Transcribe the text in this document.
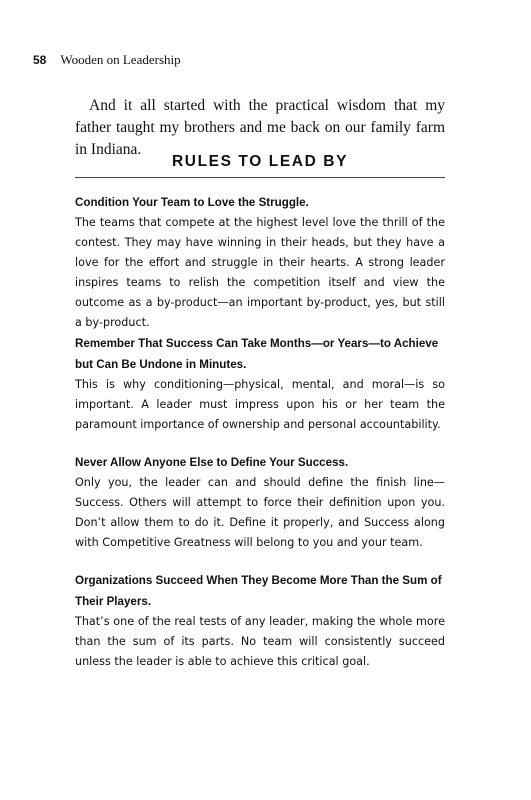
58 Wooden on Leadership

And it all started with the practical wisdom that my father taught my brothers and me back on our family farm in Indiana.

RULES TO LEAD BY

Condition Your Team to Love the Struggle.

The teams that compete at the highest level love the thrill of the contest. They may have winning in their heads, but they have a love for the effort and struggle in their hearts. A strong leader inspires teams to relish the competition itself and view the outcome as a by-product—an important by-product, yes, but still a by-product.

Remember That Success Can Take Months—or Years—to Achieve but Can Be Undone in Minutes.

This is why conditioning—physical, mental, and moral—is so important. A leader must impress upon his or her team the paramount importance of ownership and personal accountability.

Never Allow Anyone Else to Define Your Success.

Only you, the leader can and should define the finish line—Success. Others will attempt to force their definition upon you. Don’t allow them to do it. Define it properly, and Success along with Competitive Greatness will belong to you and your team.

Organizations Succeed When They Become More Than the Sum of Their Players.

That’s one of the real tests of any leader, making the whole more than the sum of its parts. No team will consistently succeed unless the leader is able to achieve this critical goal.
